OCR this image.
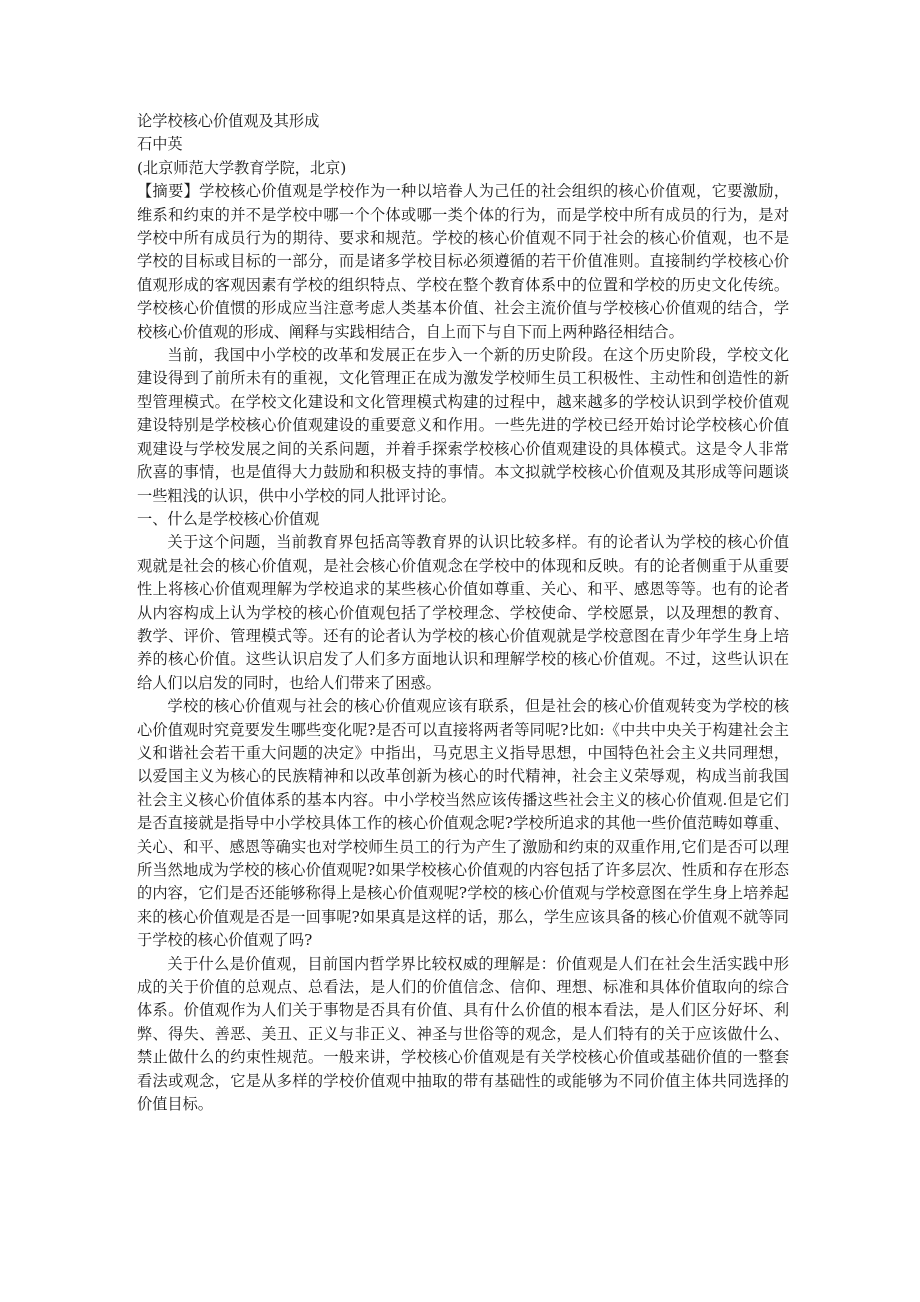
论学校核心价值观及其形成

石中英

(北京师范大学教育学院，北京)

【摘要】学校核心价值观是学校作为一种以培眷人为己任的社会组织的核心价值观，它要激励，维系和约束的并不是学校中哪一个个体或哪一类个体的行为，而是学校中所有成员的行为，是对学校中所有成员行为的期待、要求和规范。学校的核心价值观不同于社会的核心价值观，也不是学校的目标或目标的一部分，而是诸多学校目标必须遵循的若干价值准则。直接制约学校核心价值观形成的客观因素有学校的组织特点、学校在整个教育体系中的位置和学校的历史文化传统。学校核心价值惯的形成应当注意考虑人类基本价值、社会主流价值与学校核心价值观的结合，学校核心价值观的形成、阐释与实践相结合，自上而下与自下而上两种路径相结合。

当前，我国中小学校的改革和发展正在步入一个新的历史阶段。在这个历史阶段，学校文化建设得到了前所未有的重视，文化管理正在成为激发学校师生员工积极性、主动性和创造性的新型管理模式。在学校文化建设和文化管理模式构建的过程中，越来越多的学校认识到学校价值观建设特别是学校核心价值观建设的重要意义和作用。一些先进的学校已经开始讨论学校核心价值观建设与学校发展之间的关系问题，并着手探索学校核心价值观建设的具体模式。这是令人非常欣喜的事情，也是值得大力鼓励和积极支持的事情。本文拟就学校核心价值观及其形成等问题谈一些粗浅的认识，供中小学校的同人批评讨论。

一、什么是学校核心价值观

关于这个问题，当前教育界包括高等教育界的认识比较多样。有的论者认为学校的核心价值观就是社会的核心价值观，是社会核心价值观念在学校中的体现和反映。有的论者侧重于从重要性上将核心价值观理解为学校追求的某些核心价值如尊重、关心、和平、感恩等等。也有的论者从内容构成上认为学校的核心价值观包括了学校理念、学校使命、学校愿景，以及理想的教育、教学、评价、管理模式等。还有的论者认为学校的核心价值观就是学校意图在青少年学生身上培养的核心价值。这些认识启发了人们多方面地认识和理解学校的核心价值观。不过，这些认识在给人们以启发的同时，也给人们带来了困惑。

学校的核心价值观与社会的核心价值观应该有联系，但是社会的核心价值观转变为学校的核心价值观时究竟要发生哪些变化呢?是否可以直接将两者等同呢?比如:《中共中央关于构建社会主义和谐社会若干重大问题的决定》中指出，马克思主义指导思想，中国特色社会主义共同理想，以爱国主义为核心的民族精神和以改革创新为核心的时代精神，社会主义荣辱观，构成当前我国社会主义核心价值体系的基本内容。中小学校当然应该传播这些社会主义的核心价值观.但是它们是否直接就是指导中小学校具体工作的核心价值观念呢?学校所追求的其他一些价值范畴如尊重、关心、和平、感恩等确实也对学校师生员工的行为产生了激励和约束的双重作用,它们是否可以理所当然地成为学校的核心价值观呢?如果学校核心价值观的内容包括了许多层次、性质和存在形态的内容，它们是否还能够称得上是核心价值观呢?学校的核心价值观与学校意图在学生身上培养起来的核心价值观是否是一回事呢?如果真是这样的话，那么，学生应该具备的核心价值观不就等同于学校的核心价值观了吗?

关于什么是价值观，目前国内哲学界比较权威的理解是：价值观是人们在社会生活实践中形成的关于价值的总观点、总看法，是人们的价值信念、信仰、理想、标准和具体价值取向的综合体系。价值观作为人们关于事物是否具有价值、具有什么价值的根本看法，是人们区分好坏、利弊、得失、善恶、美丑、正义与非正义、神圣与世俗等的观念，是人们特有的关于应该做什么、禁止做什么的约束性规范。一般来讲，学校核心价值观是有关学校核心价值或基础价值的一整套看法或观念，它是从多样的学校价值观中抽取的带有基础性的或能够为不同价值主体共同选择的价值目标。
